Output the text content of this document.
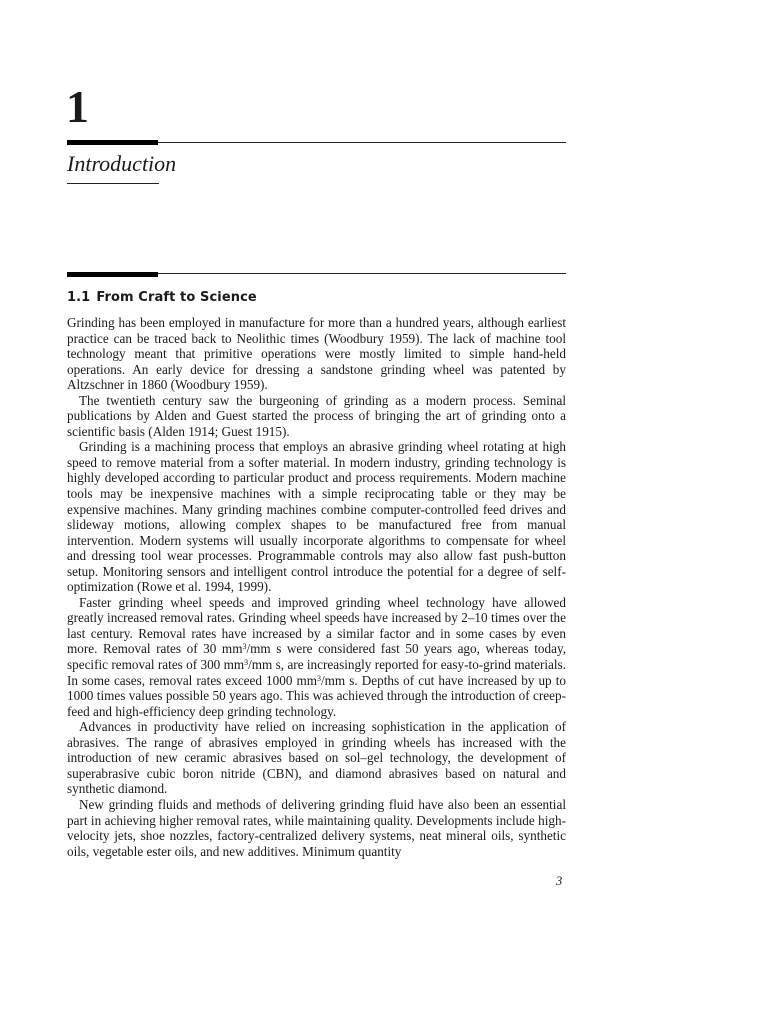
1
Introduction
1.1 From Craft to Science

Grinding has been employed in manufacture for more than a hundred years, although earliest practice can be traced back to Neolithic times (Woodbury 1959). The lack of machine tool technology meant that primitive operations were mostly limited to simple hand-held operations. An early device for dressing a sandstone grinding wheel was patented by Altzschner in 1860 (Woodbury 1959).

The twentieth century saw the burgeoning of grinding as a modern process. Seminal publications by Alden and Guest started the process of bringing the art of grinding onto a scientific basis (Alden 1914; Guest 1915).

Grinding is a machining process that employs an abrasive grinding wheel rotating at high speed to remove material from a softer material. In modern industry, grinding technology is highly developed according to particular product and process requirements. Modern machine tools may be inexpensive machines with a simple reciprocating table or they may be expensive machines. Many grinding machines combine computer-controlled feed drives and slideway motions, allowing complex shapes to be manufactured free from manual intervention. Modern systems will usually incorporate algorithms to compensate for wheel and dressing tool wear processes. Programmable controls may also allow fast push-button setup. Monitoring sensors and intelligent control introduce the potential for a degree of self-optimization (Rowe et al. 1994, 1999).

Faster grinding wheel speeds and improved grinding wheel technology have allowed greatly increased removal rates. Grinding wheel speeds have increased by 2–10 times over the last century. Removal rates have increased by a similar factor and in some cases by even more. Removal rates of 30 $mm^3/mm$ s were considered fast 50 years ago, whereas today, specific removal rates of 300 $mm^3/mm$ s, are increasingly reported for easy-to-grind materials. In some cases, removal rates exceed 1000 $mm^3/mm$ s. Depths of cut have increased by up to 1000 times values possible 50 years ago. This was achieved through the introduction of creep-feed and high-efficiency deep grinding technology.

Advances in productivity have relied on increasing sophistication in the application of abrasives. The range of abrasives employed in grinding wheels has increased with the introduction of new ceramic abrasives based on sol–gel technology, the development of superabrasive cubic boron nitride (CBN), and diamond abrasives based on natural and synthetic diamond.

New grinding fluids and methods of delivering grinding fluid have also been an essential part in achieving higher removal rates, while maintaining quality. Developments include high-velocity jets, shoe nozzles, factory-centralized delivery systems, neat mineral oils, synthetic oils, vegetable ester oils, and new additives. Minimum quantity

3
